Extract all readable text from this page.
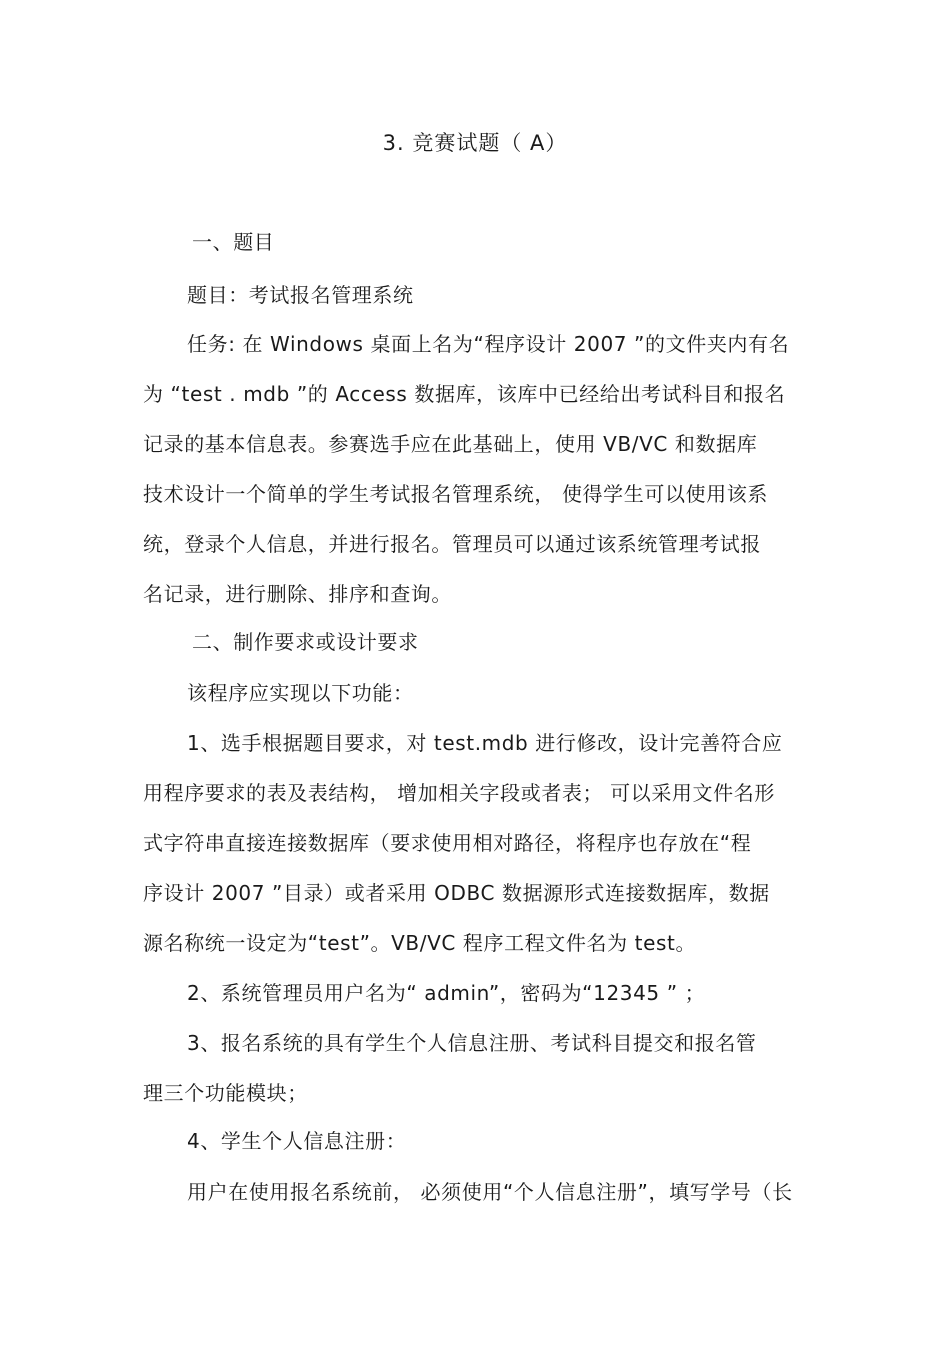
3. 竞赛试题（ A）
一、题目
题目：考试报名管理系统
任务: 在 Windows 桌面上名为“程序设计 2007 ”的文件夹内有名
为 “test . mdb ”的 Access 数据库，该库中已经给出考试科目和报名
记录的基本信息表。参赛选手应在此基础上，使用 VB/VC 和数据库
技术设计一个简单的学生考试报名管理系统， 使得学生可以使用该系
统，登录个人信息，并进行报名。管理员可以通过该系统管理考试报
名记录，进行删除、排序和查询。
二、制作要求或设计要求
该程序应实现以下功能：
1、选手根据题目要求，对 test.mdb 进行修改，设计完善符合应
用程序要求的表及表结构， 增加相关字段或者表； 可以采用文件名形
式字符串直接连接数据库（要求使用相对路径，将程序也存放在“程
序设计 2007 ”目录）或者采用 ODBC 数据源形式连接数据库，数据
源名称统一设定为“test”。VB/VC 程序工程文件名为 test。
2、系统管理员用户名为“ admin”，密码为“12345 ” ；
3、报名系统的具有学生个人信息注册、考试科目提交和报名管
理三个功能模块；
4、学生个人信息注册：
用户在使用报名系统前， 必须使用“个人信息注册”，填写学号（长
